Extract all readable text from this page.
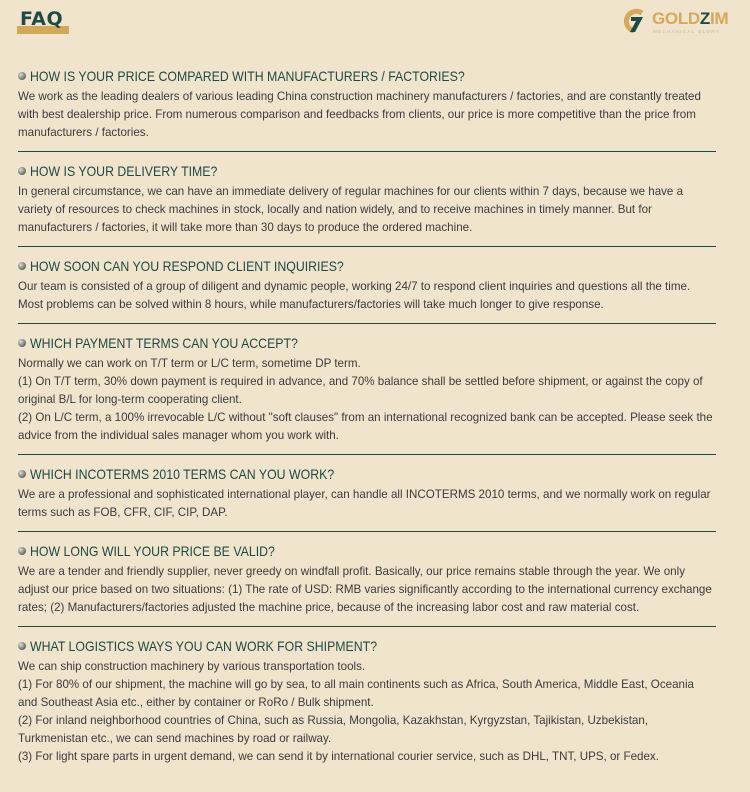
FAQ	GOLDZIM
MECHANICAL GLORY
HOW IS YOUR PRICE COMPARED WITH MANUFACTURERS / FACTORIES?

We work as the leading dealers of various leading China construction machinery manufacturers / factories, and are constantly treated with best dealership price. From numerous comparison and feedbacks from clients, our price is more competitive than the price from manufacturers / factories.

HOW IS YOUR DELIVERY TIME?

In general circumstance, we can have an immediate delivery of regular machines for our clients within 7 days, because we have a variety of resources to check machines in stock, locally and nation widely, and to receive machines in timely manner. But for manufacturers / factories, it will take more than 30 days to produce the ordered machine.

HOW SOON CAN YOU RESPOND CLIENT INQUIRIES?

Our team is consisted of a group of diligent and dynamic people, working 24/7 to respond client inquiries and questions all the time. Most problems can be solved within 8 hours, while manufacturers/factories will take much longer to give response.

WHICH PAYMENT TERMS CAN YOU ACCEPT?

Normally we can work on T/T term or L/C term, sometime DP term.

(1) On T/T term, 30% down payment is required in advance, and 70% balance shall be settled before shipment, or against the copy of original B/L for long-term cooperating client.

(2) On L/C term, a 100% irrevocable L/C without "soft clauses" from an international recognized bank can be accepted. Please seek the advice from the individual sales manager whom you work with.

WHICH INCOTERMS 2010 TERMS CAN YOU WORK?

We are a professional and sophisticated international player, can handle all INCOTERMS 2010 terms, and we normally work on regular terms such as FOB, CFR, CIF, CIP, DAP.

HOW LONG WILL YOUR PRICE BE VALID?

We are a tender and friendly supplier, never greedy on windfall profit. Basically, our price remains stable through the year. We only adjust our price based on two situations: (1) The rate of USD: RMB varies significantly according to the international currency exchange rates; (2) Manufacturers/factories adjusted the machine price, because of the increasing labor cost and raw material cost.

WHAT LOGISTICS WAYS YOU CAN WORK FOR SHIPMENT?

We can ship construction machinery by various transportation tools.

(1) For 80% of our shipment, the machine will go by sea, to all main continents such as Africa, South America, Middle East, Oceania and Southeast Asia etc., either by container or RoRo / Bulk shipment.

(2) For inland neighborhood countries of China, such as Russia, Mongolia, Kazakhstan, Kyrgyzstan, Tajikistan, Uzbekistan, Turkmenistan etc., we can send machines by road or railway.

(3) For light spare parts in urgent demand, we can send it by international courier service, such as DHL, TNT, UPS, or Fedex.
